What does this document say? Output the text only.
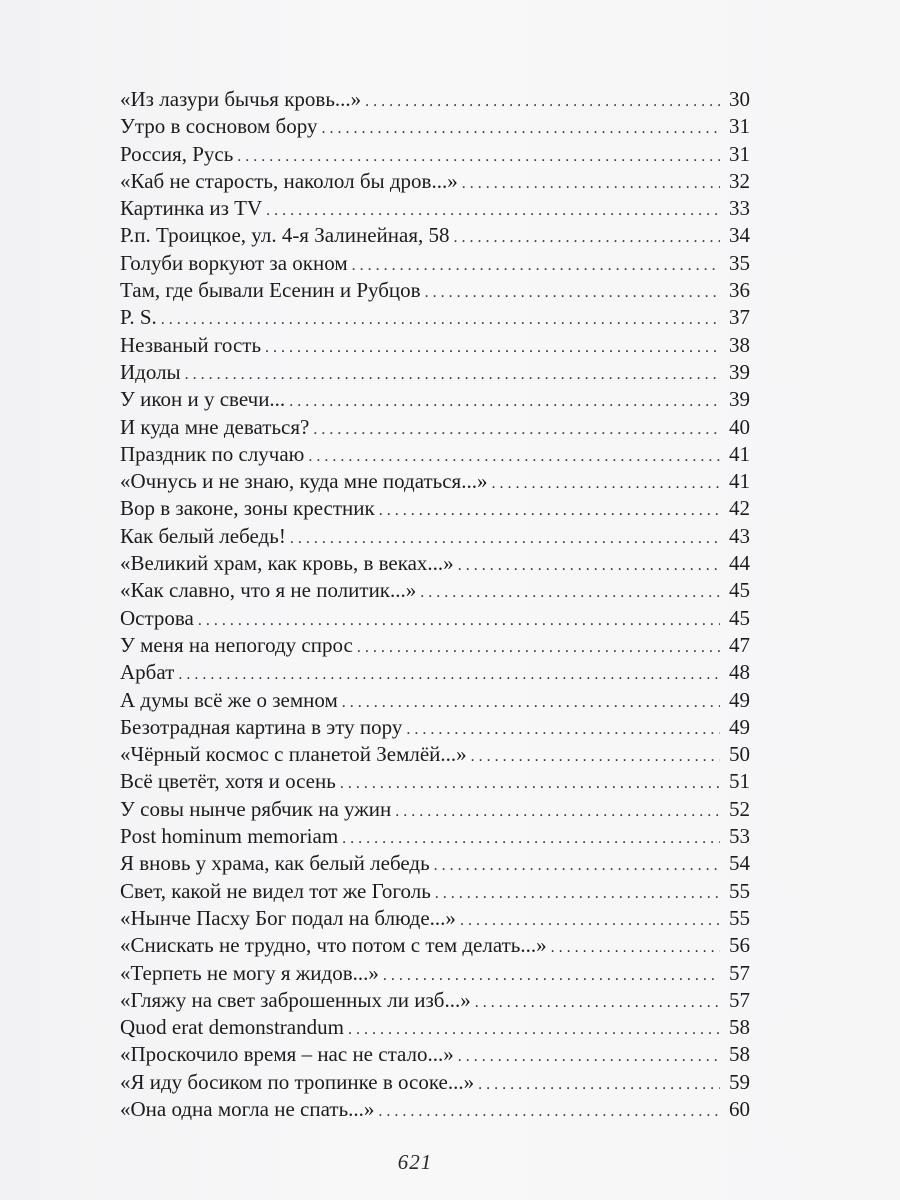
«Из лазури бычья кровь...» . . .	30
Утро в сосновом бору . . .	31
Россия, Русь . . .	31
«Каб не старость, наколол бы дров...» . . .	32
Картинка из TV . . .	33
Р.п. Троицкое, ул. 4-я Залинейная, 58 . . .	34
Голуби воркуют за окном . . .	35
Там, где бывали Есенин и Рубцов . . .	36
P. S. . . .	37
Незваный гость . . .	38
Идолы . . .	39
У икон и у свечи... . . .	39
И куда мне деваться? . . .	40
Праздник по случаю . . .	41
«Очнусь и не знаю, куда мне податься...» . . .	41
Вор в законе, зоны крестник . . .	42
Как белый лебедь! . . .	43
«Великий храм, как кровь, в веках...» . . .	44
«Как славно, что я не политик...» . . .	45
Острова . . .	45
У меня на непогоду спрос . . .	47
Арбат . . .	48
А думы всё же о земном . . .	49
Безотрадная картина в эту пору . . .	49
«Чёрный космос с планетой Землёй...» . . .	50
Всё цветёт, хотя и осень . . .	51
У совы нынче рябчик на ужин . . .	52
Post hominum memoriam . . .	53
Я вновь у храма, как белый лебедь . . .	54
Свет, какой не видел тот же Гоголь . . .	55
«Нынче Пасху Бог подал на блюде...» . . .	55
«Снискать не трудно, что потом с тем делать...» . . .	56
«Терпеть не могу я жидов...» . . .	57
«Гляжу на свет заброшенных ли изб...» . . .	57
Quod erat demonstrandum . . .	58
«Проскочило время – нас не стало...» . . .	58
«Я иду босиком по тропинке в осоке...» . . .	59
«Она одна могла не спать...» . . .	60
621
